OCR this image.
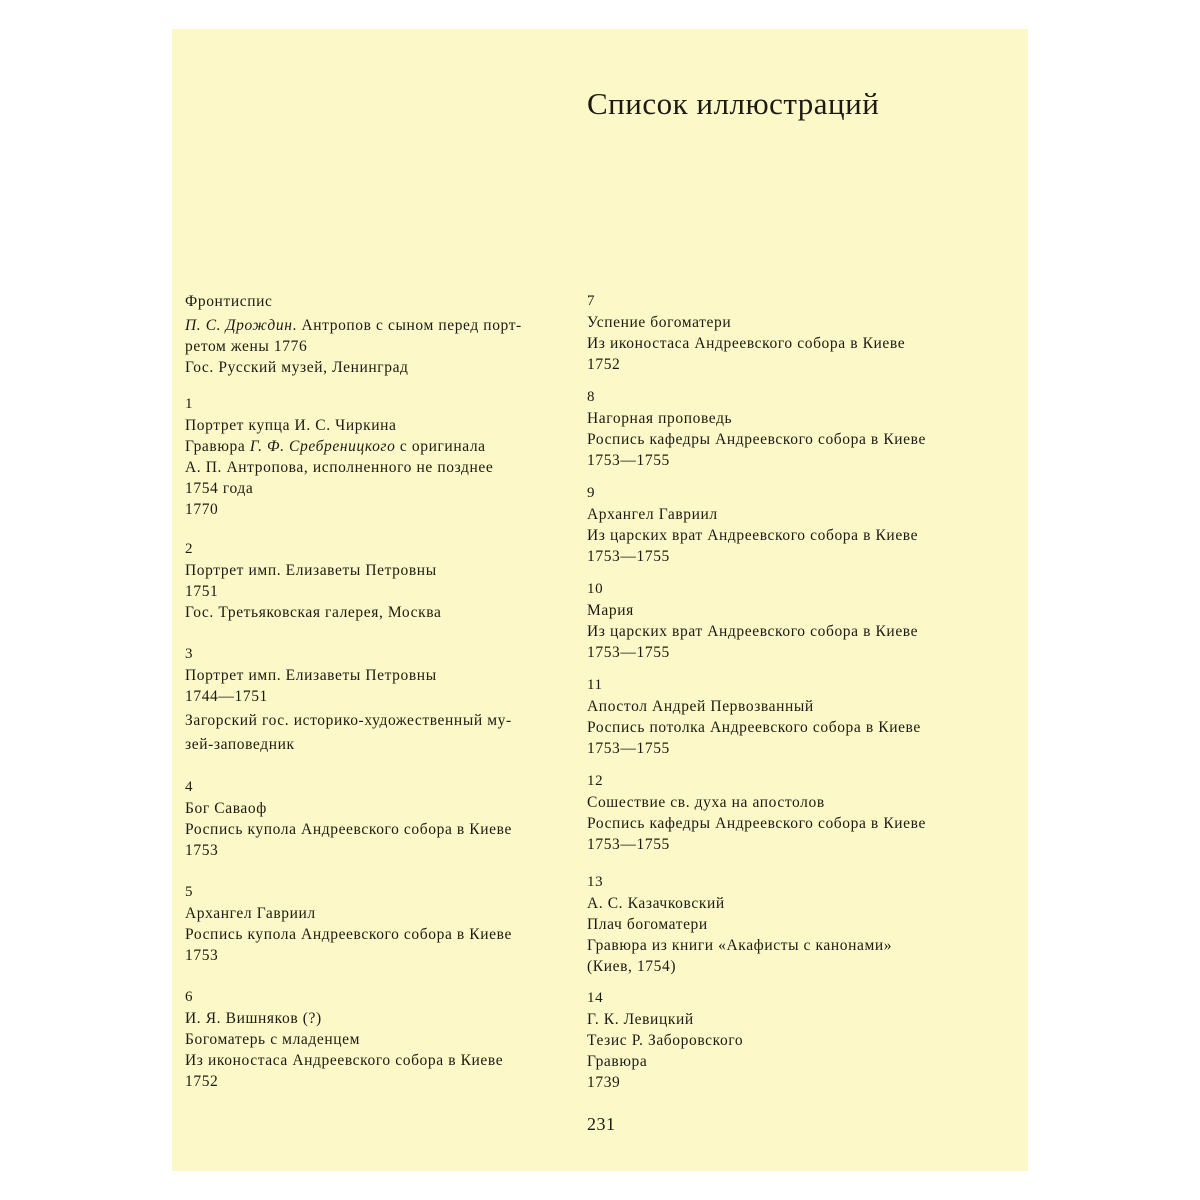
Список иллюстраций
Фронтиспис
П. С. Дрождин. Антропов с сыном перед порт-
ретом жены 1776
Гос. Русский музей, Ленинград
1
Портрет купца И. С. Чиркина
Гравюра Г. Ф. Сребреницкого с оригинала
А. П. Антропова, исполненного не позднее
1754 года
1770
2
Портрет имп. Елизаветы Петровны
1751
Гос. Третьяковская галерея, Москва
3
Портрет имп. Елизаветы Петровны
1744—1751
Загорский гос. историко-художественный му-
зей-заповедник
4
Бог Саваоф
Роспись купола Андреевского собора в Киеве
1753
5
Архангел Гавриил
Роспись купола Андреевского собора в Киеве
1753
6
И. Я. Вишняков (?)
Богоматерь с младенцем
Из иконостаса Андреевского собора в Киеве
1752
7
Успение богоматери
Из иконостаса Андреевского собора в Киеве
1752
8
Нагорная проповедь
Роспись кафедры Андреевского собора в Киеве
1753—1755
9
Архангел Гавриил
Из царских врат Андреевского собора в Киеве
1753—1755
10
Мария
Из царских врат Андреевского собора в Киеве
1753—1755
11
Апостол Андрей Первозванный
Роспись потолка Андреевского собора в Киеве
1753—1755
12
Сошествие св. духа на апостолов
Роспись кафедры Андреевского собора в Киеве
1753—1755
13
А. С. Казачковский
Плач богоматери
Гравюра из книги «Акафисты с канонами»
(Киев, 1754)
14
Г. К. Левицкий
Тезис Р. Заборовского
Гравюра
1739
231
